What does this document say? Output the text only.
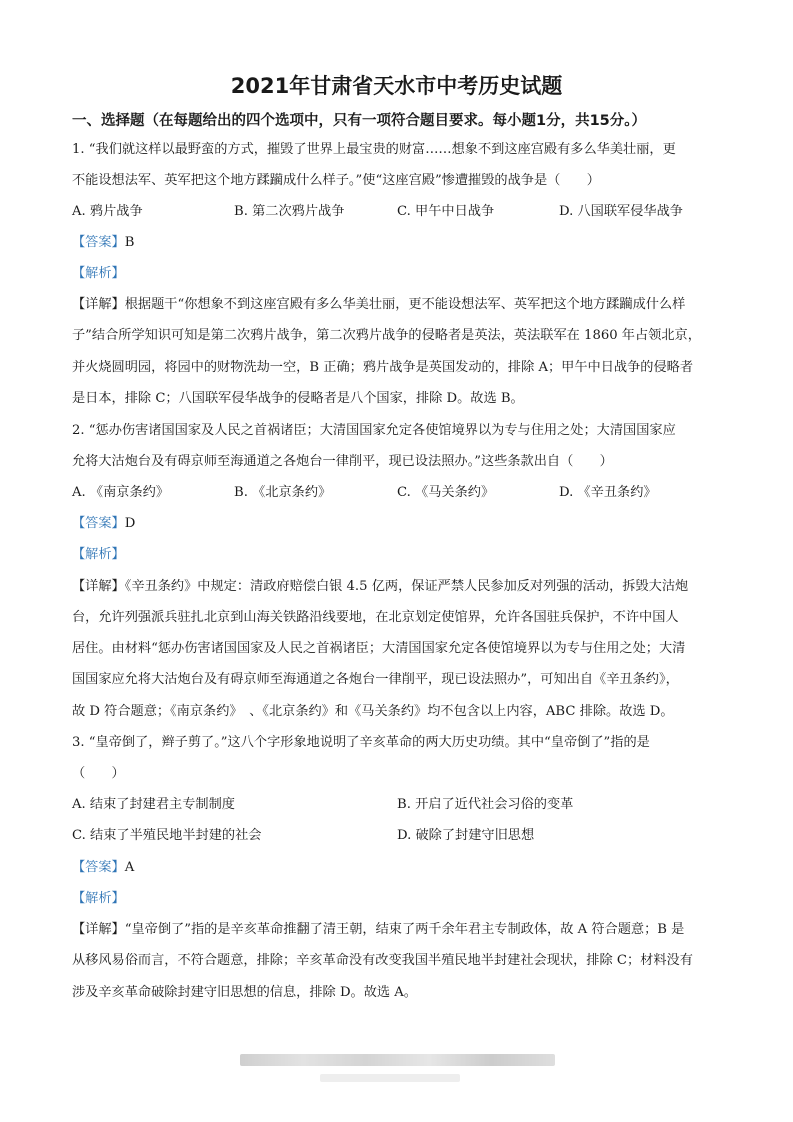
2021年甘肃省天水市中考历史试题
一、选择题（在每题给出的四个选项中，只有一项符合题目要求。每小题1分，共15分。）
1. “我们就这样以最野蛮的方式，摧毁了世界上最宝贵的财富……想象不到这座宫殿有多么华美壮丽，更
不能设想法军、英军把这个地方蹂躏成什么样子。”使“这座宫殿”惨遭摧毁的战争是（　　）
A. 鸦片战争	B. 第二次鸦片战争	C. 甲午中日战争	D. 八国联军侵华战争
【答案】B
【解析】
【详解】根据题干“你想象不到这座宫殿有多么华美壮丽，更不能设想法军、英军把这个地方蹂躏成什么样
子”结合所学知识可知是第二次鸦片战争，第二次鸦片战争的侵略者是英法，英法联军在 1860 年占领北京，
并火烧圆明园，将园中的财物洗劫一空，B 正确；鸦片战争是英国发动的，排除 A；甲午中日战争的侵略者
是日本，排除 C；八国联军侵华战争的侵略者是八个国家，排除 D。故选 B。
2. “惩办伤害诸国国家及人民之首祸诸臣；大清国国家允定各使馆境界以为专与住用之处；大清国国家应
允将大沽炮台及有碍京师至海通道之各炮台一律削平，现已设法照办。”这些条款出自（　　）
A. 《南京条约》	B. 《北京条约》	C. 《马关条约》	D. 《辛丑条约》
【答案】D
【解析】
【详解】《辛丑条约》中规定：清政府赔偿白银 4.5 亿两，保证严禁人民参加反对列强的活动，拆毁大沽炮
台，允许列强派兵驻扎北京到山海关铁路沿线要地，在北京划定使馆界，允许各国驻兵保护，不许中国人
居住。由材料“惩办伤害诸国国家及人民之首祸诸臣；大清国国家允定各使馆境界以为专与住用之处；大清
国国家应允将大沽炮台及有碍京师至海通道之各炮台一律削平，现已设法照办”，可知出自《辛丑条约》，
故 D 符合题意；《南京条约》　、《北京条约》和《马关条约》均不包含以上内容，ABC 排除。故选 D。
3. “皇帝倒了，辫子剪了。”这八个字形象地说明了辛亥革命的两大历史功绩。其中“皇帝倒了”指的是
（　　）
A. 结束了封建君主专制制度	B. 开启了近代社会习俗的变革
C. 结束了半殖民地半封建的社会	D. 破除了封建守旧思想
【答案】A
【解析】
【详解】“皇帝倒了”指的是辛亥革命推翻了清王朝，结束了两千余年君主专制政体，故 A 符合题意；B 是
从移风易俗而言，不符合题意，排除；辛亥革命没有改变我国半殖民地半封建社会现状，排除 C；材料没有
涉及辛亥革命破除封建守旧思想的信息，排除 D。故选 A。
